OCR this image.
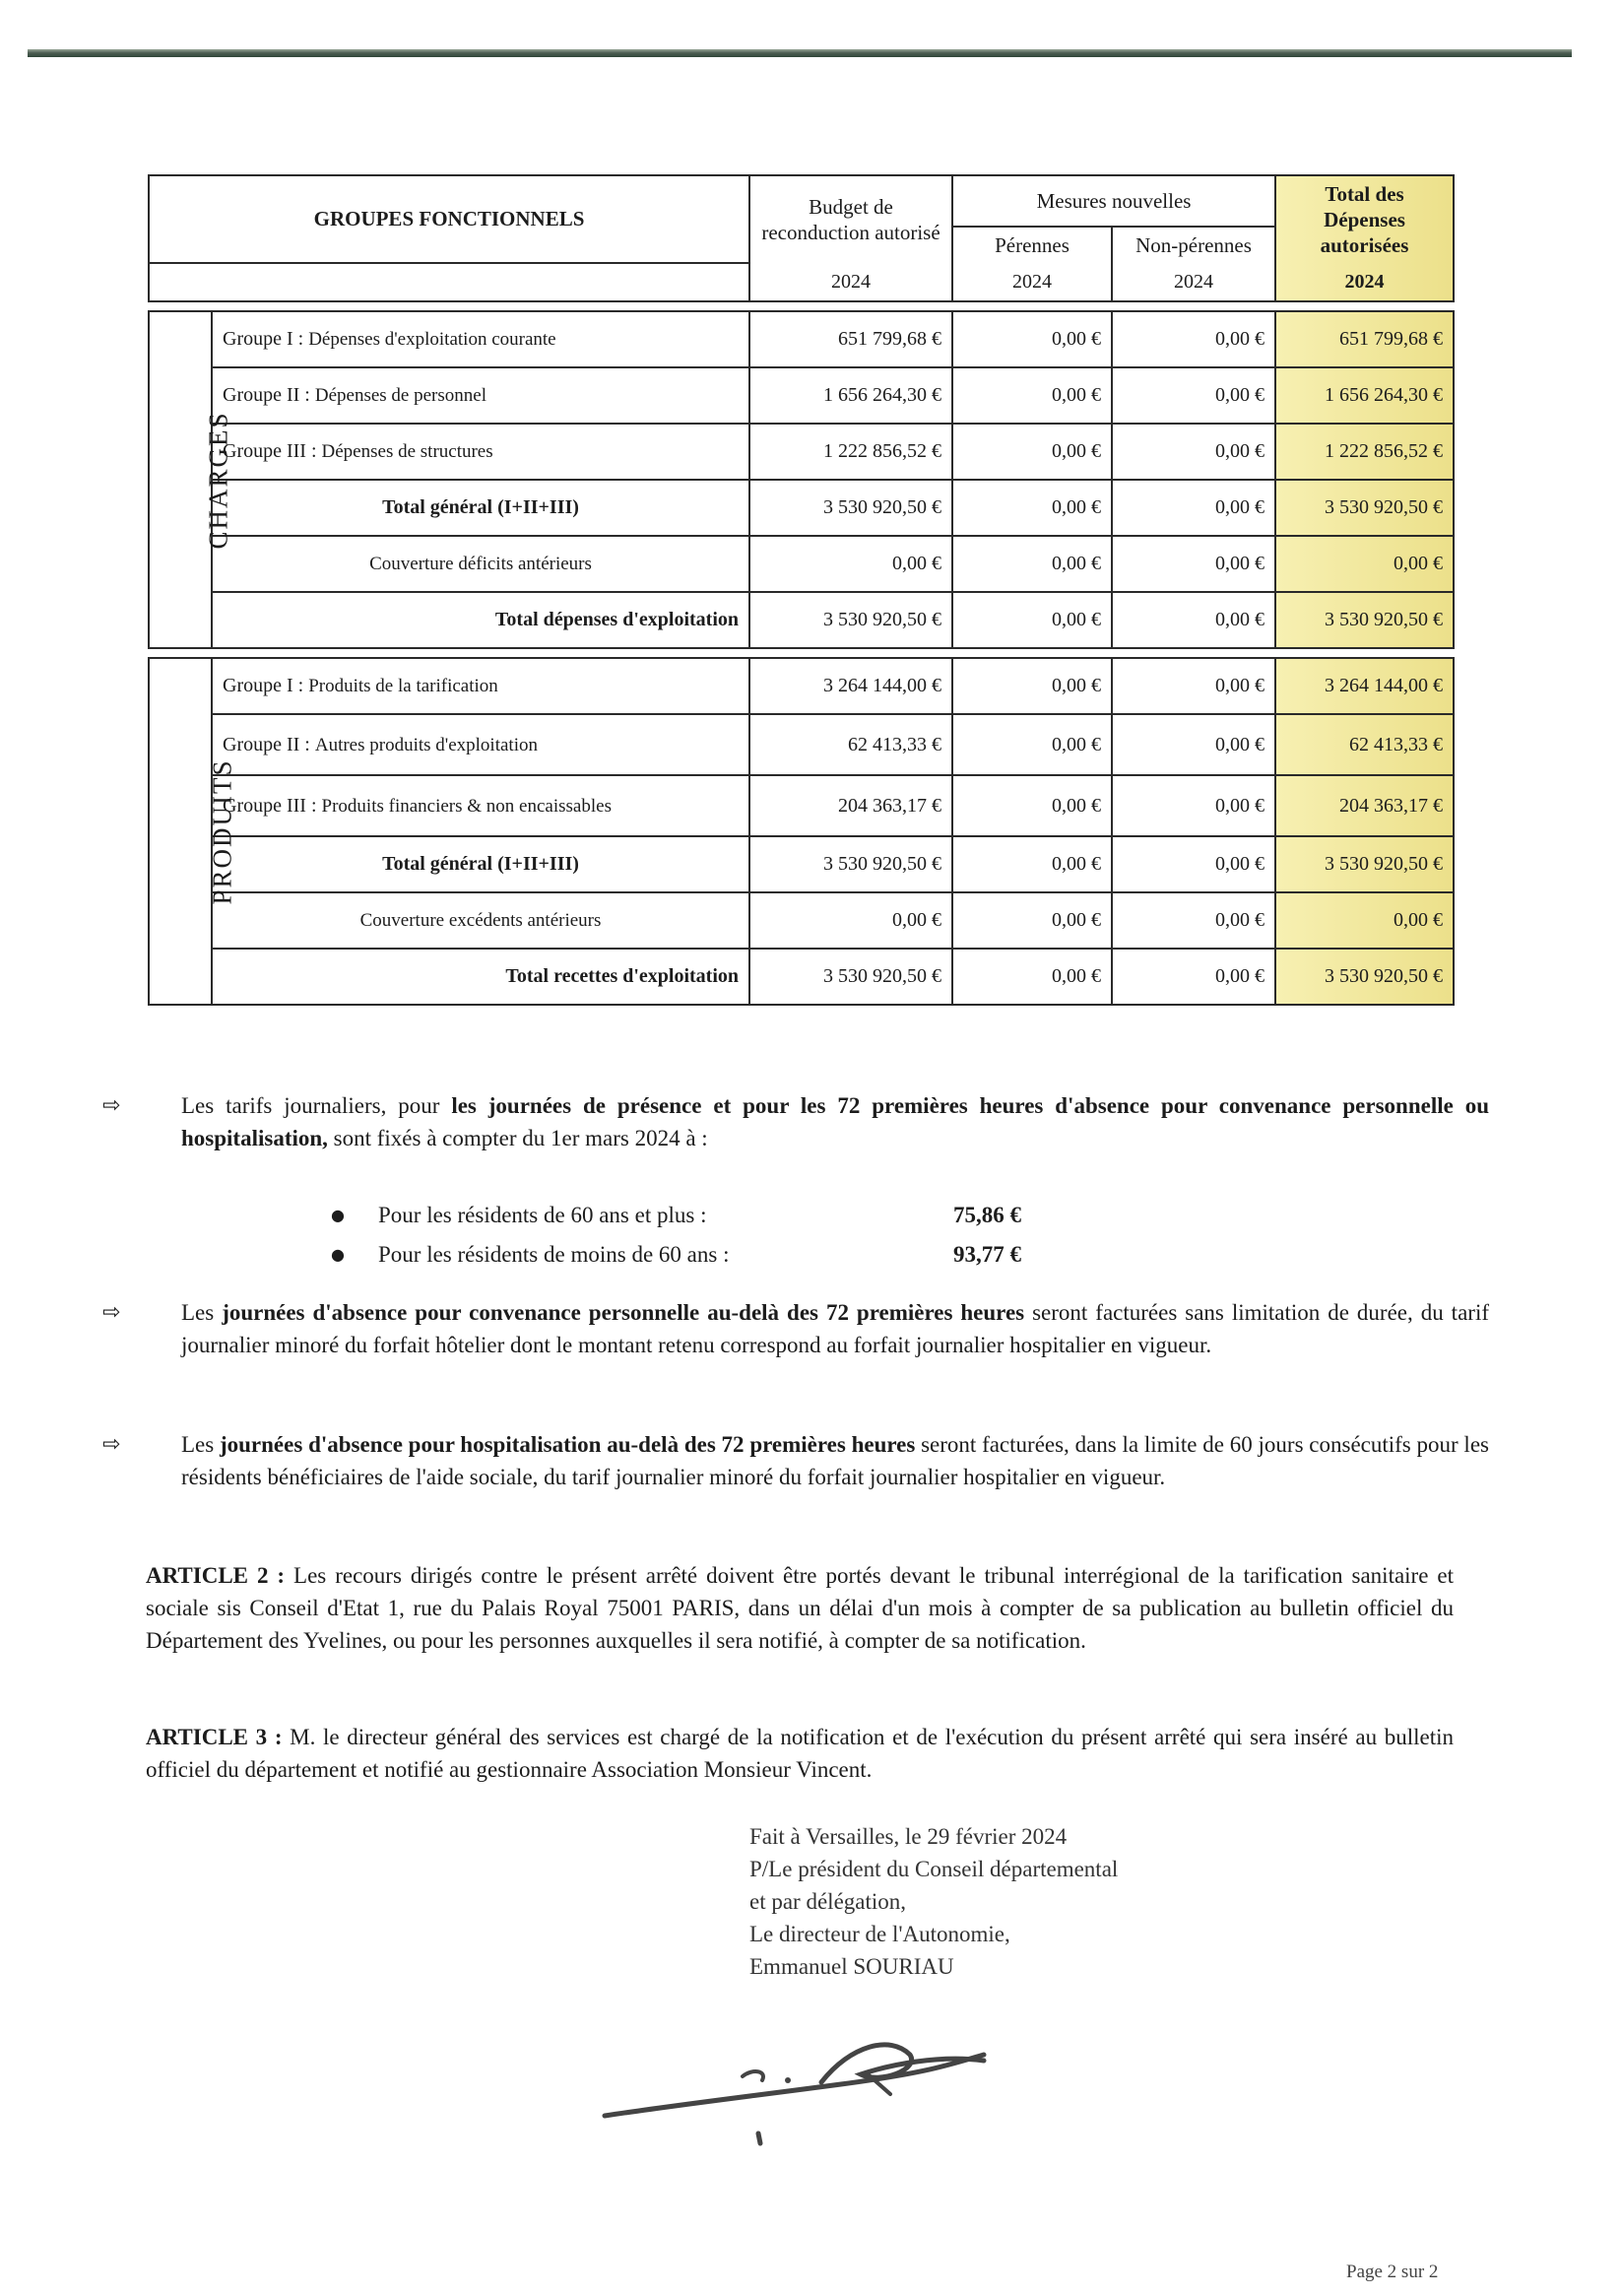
GROUPES FONCTIONNELS		Budget de reconduction autorisé	Mesures nouvelles		Total des Dépenses autorisées
			Pérennes	Non-pérennes	
		2024	2024	2024	2024

CHARGES	Groupe I : Dépenses d'exploitation courante	651 799,68 €	0,00 €	0,00 €	651 799,68 €
	Groupe II : Dépenses de personnel	1 656 264,30 €	0,00 €	0,00 €	1 656 264,30 €
	Groupe III : Dépenses de structures	1 222 856,52 €	0,00 €	0,00 €	1 222 856,52 €
	Total général (I+II+III)	3 530 920,50 €	0,00 €	0,00 €	3 530 920,50 €
	Couverture déficits antérieurs	0,00 €	0,00 €	0,00 €	0,00 €
	Total dépenses d'exploitation	3 530 920,50 €	0,00 €	0,00 €	3 530 920,50 €

PRODUITS	Groupe I : Produits de la tarification	3 264 144,00 €	0,00 €	0,00 €	3 264 144,00 €
	Groupe II : Autres produits d'exploitation	62 413,33 €	0,00 €	0,00 €	62 413,33 €
	Groupe III : Produits financiers & non encaissables	204 363,17 €	0,00 €	0,00 €	204 363,17 €
	Total général (I+II+III)	3 530 920,50 €	0,00 €	0,00 €	3 530 920,50 €
	Couverture excédents antérieurs	0,00 €	0,00 €	0,00 €	0,00 €
	Total recettes d'exploitation	3 530 920,50 €	0,00 €	0,00 €	3 530 920,50 €
⇨	Les tarifs journaliers, pour les journées de présence et pour les 72 premières heures d'absence pour convenance personnelle ou hospitalisation, sont fixés à compter du 1er mars 2024 à :
●	Pour les résidents de 60 ans et plus :	75,86 €
●	Pour les résidents de moins de 60 ans :	93,77 €
⇨	Les journées d'absence pour convenance personnelle au-delà des 72 premières heures seront facturées sans limitation de durée, du tarif journalier minoré du forfait hôtelier dont le montant retenu correspond au forfait journalier hospitalier en vigueur.
⇨	Les journées d'absence pour hospitalisation au-delà des 72 premières heures seront facturées, dans la limite de 60 jours consécutifs pour les résidents bénéficiaires de l'aide sociale, du tarif journalier minoré du forfait journalier hospitalier en vigueur.
ARTICLE 2 : Les recours dirigés contre le présent arrêté doivent être portés devant le tribunal interrégional de la tarification sanitaire et sociale sis Conseil d'Etat 1, rue du Palais Royal 75001 PARIS, dans un délai d'un mois à compter de sa publication au bulletin officiel du Département des Yvelines, ou pour les personnes auxquelles il sera notifié, à compter de sa notification.
ARTICLE 3 : M. le directeur général des services est chargé de la notification et de l'exécution du présent arrêté qui sera inséré au bulletin officiel du département et notifié au gestionnaire Association Monsieur Vincent.
Fait à Versailles, le 29 février 2024
P/Le président du Conseil départemental
et par délégation,
Le directeur de l'Autonomie,
Emmanuel SOURIAU
Page 2 sur 2
